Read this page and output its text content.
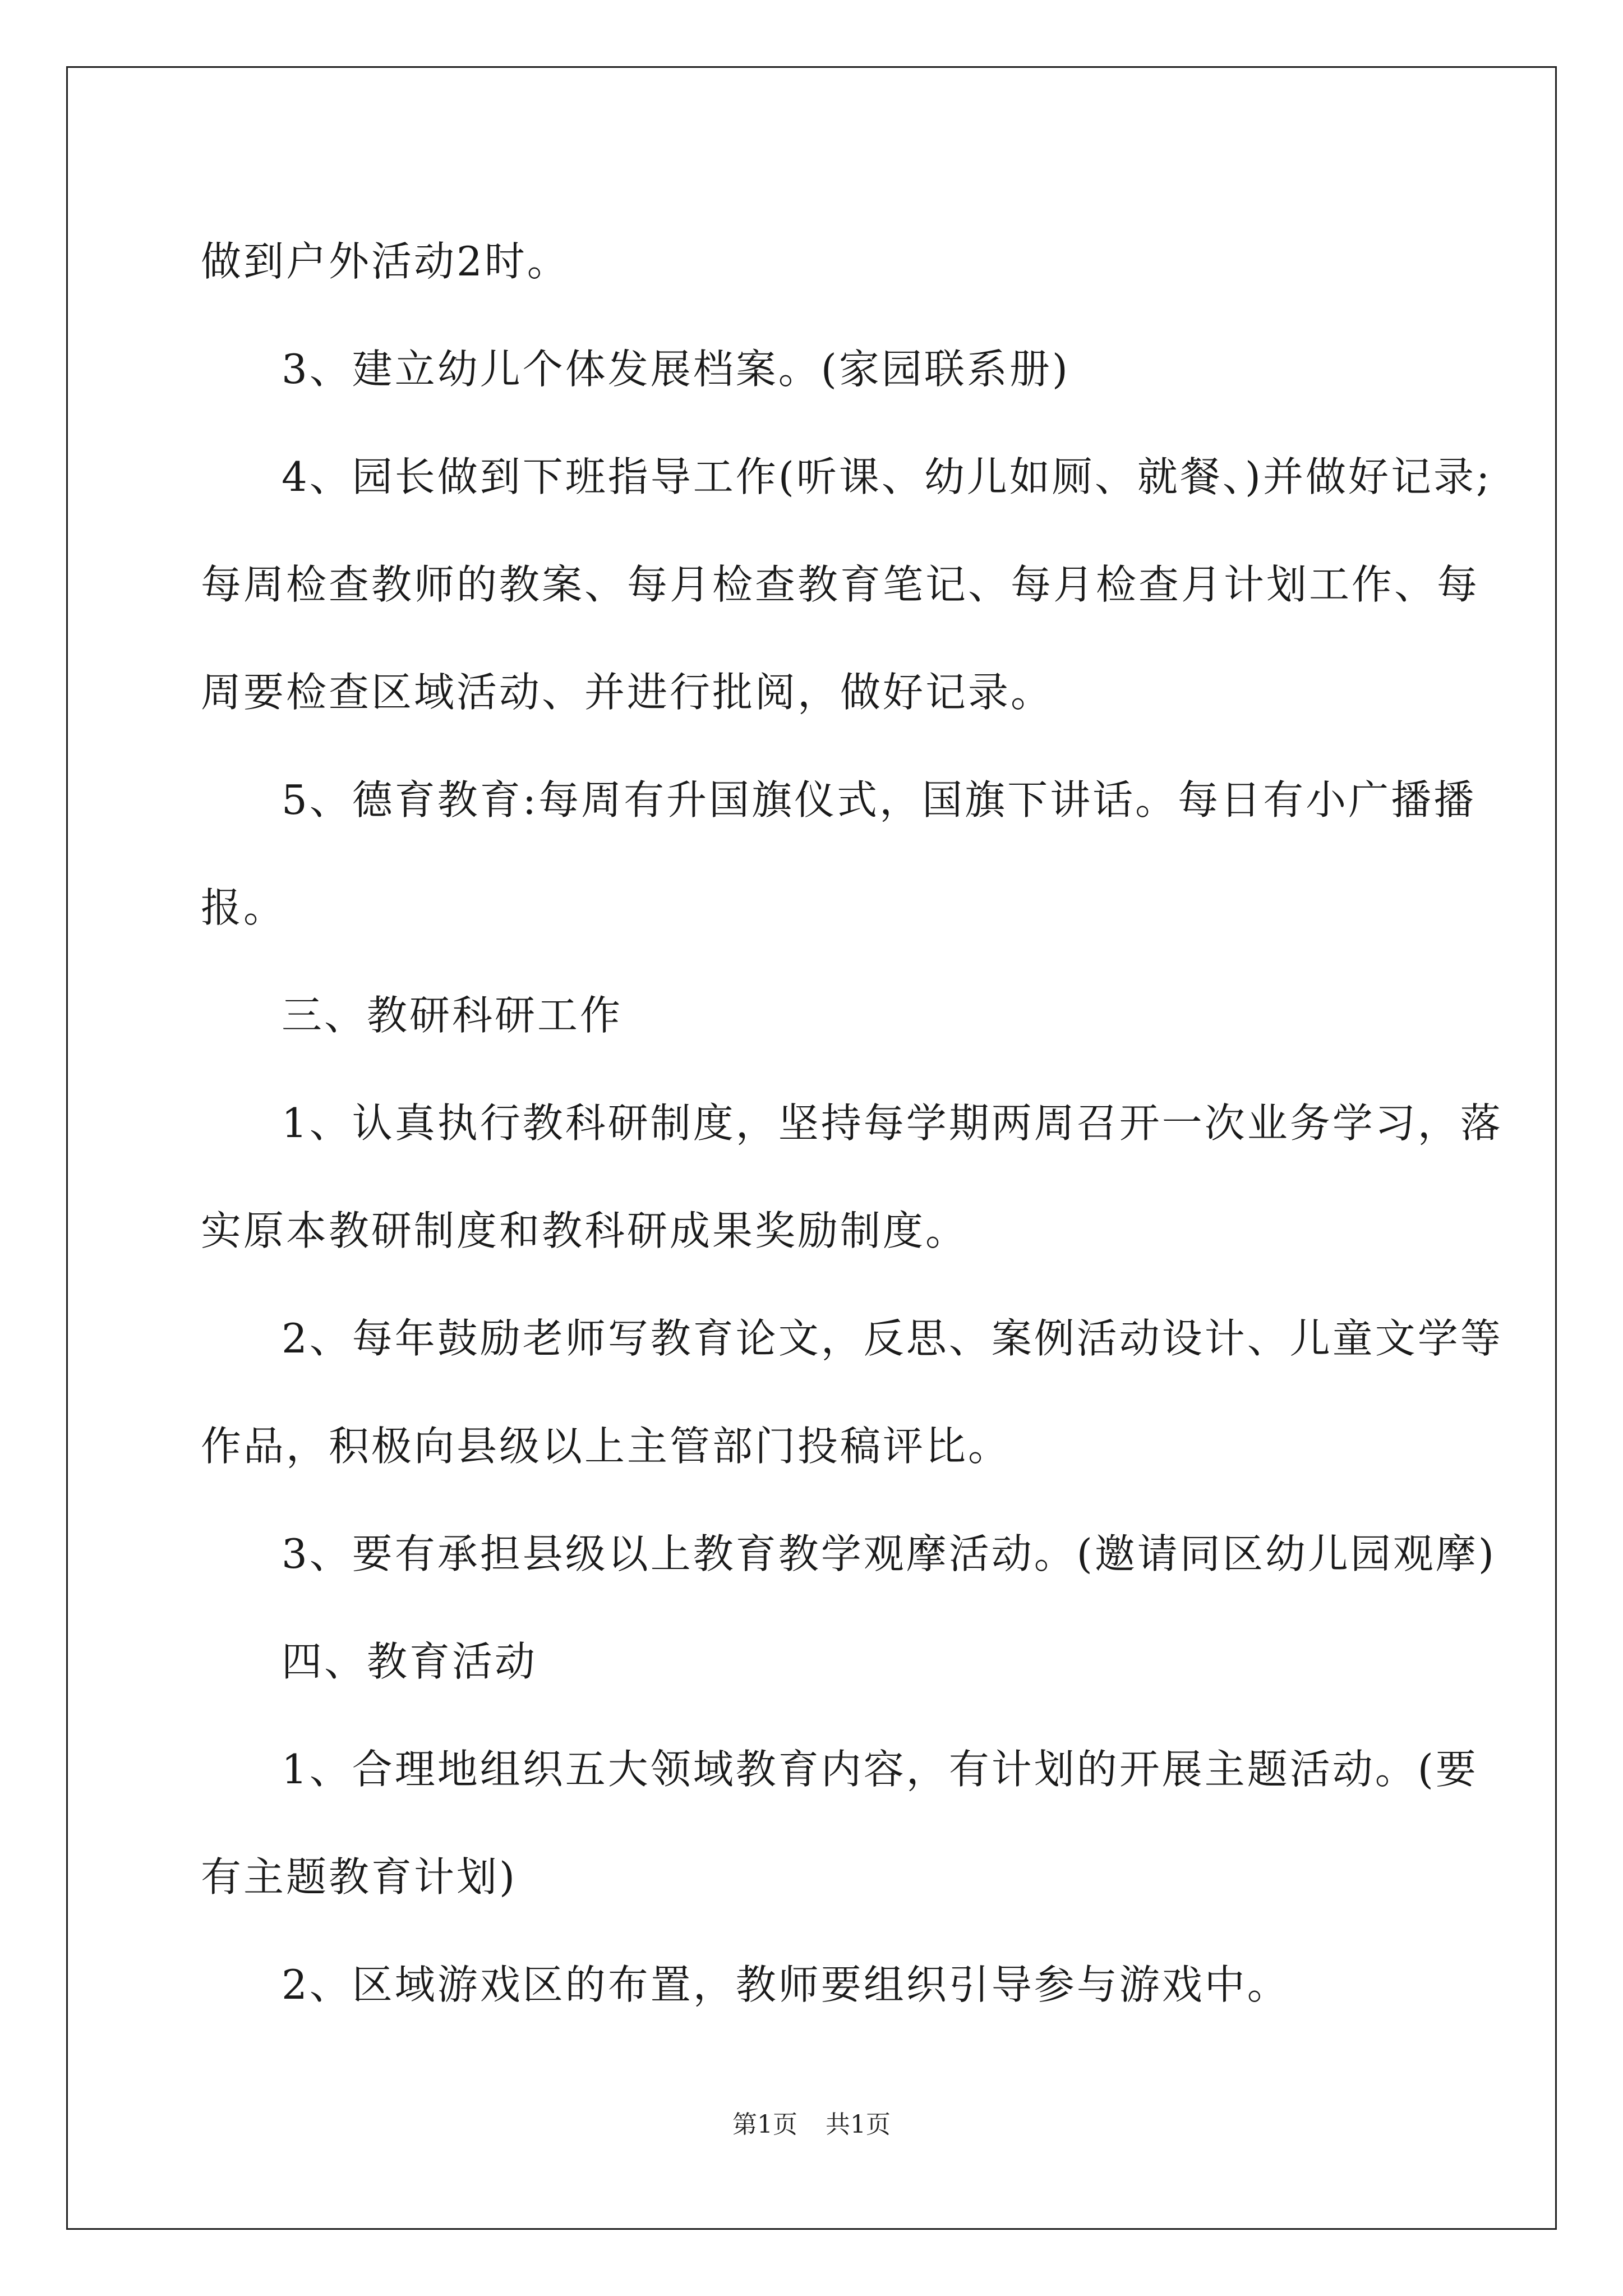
做到户外活动2时。

3、建立幼儿个体发展档案。(家园联系册)

4、园长做到下班指导工作(听课、幼儿如厕、就餐、)并做好记录;

每周检查教师的教案、每月检查教育笔记、每月检查月计划工作、每

周要检查区域活动、并进行批阅，做好记录。

5、德育教育:每周有升国旗仪式，国旗下讲话。每日有小广播播

报。

三、教研科研工作

1、认真执行教科研制度，坚持每学期两周召开一次业务学习，落

实原本教研制度和教科研成果奖励制度。

2、每年鼓励老师写教育论文，反思、案例活动设计、儿童文学等

作品，积极向县级以上主管部门投稿评比。

3、要有承担县级以上教育教学观摩活动。(邀请同区幼儿园观摩)

四、教育活动

1、合理地组织五大领域教育内容，有计划的开展主题活动。(要

有主题教育计划)

2、区域游戏区的布置，教师要组织引导参与游戏中。

第1页 共1页
